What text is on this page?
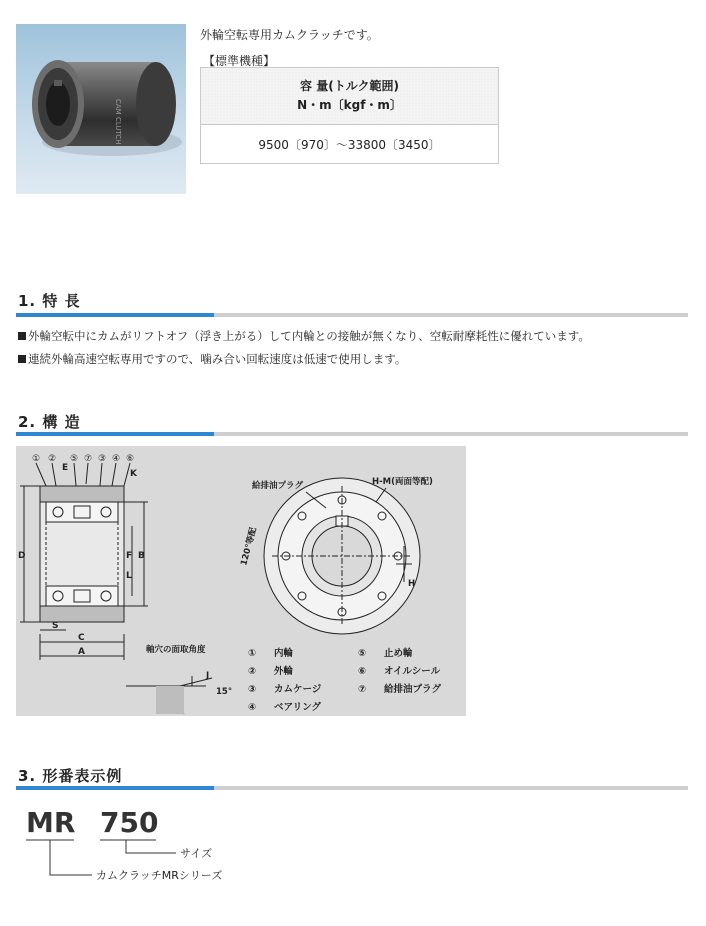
CAM CLUTCH
外輪空転専用カムクラッチです。
【標準機種】
容 量(トルク範囲)
N・m〔kgf・m〕

9500〔970〕～33800〔3450〕
1. 特 長
外輪空転中にカムがリフトオフ（浮き上がる）して内輪との接触が無くなり、空転耐摩耗性に優れています。
連続外輪高速空転専用ですので、噛み合い回転速度は低速で使用します。
2. 構 造
① ② ⑤ ⑦ ③ ④ ⑥
E
K
D	F B
L
S
C
A
給排油プラグ	H-M(両面等配)
120°等配
H
軸穴の面取角度
15°
J
① 内輪
② 外輪
③ カムケージ
④ ベアリング
⑤ 止め輪
⑥ オイルシール
⑦ 給排油プラグ
3. 形番表示例
MR 750
サイズ
カムクラッチMRシリーズ
